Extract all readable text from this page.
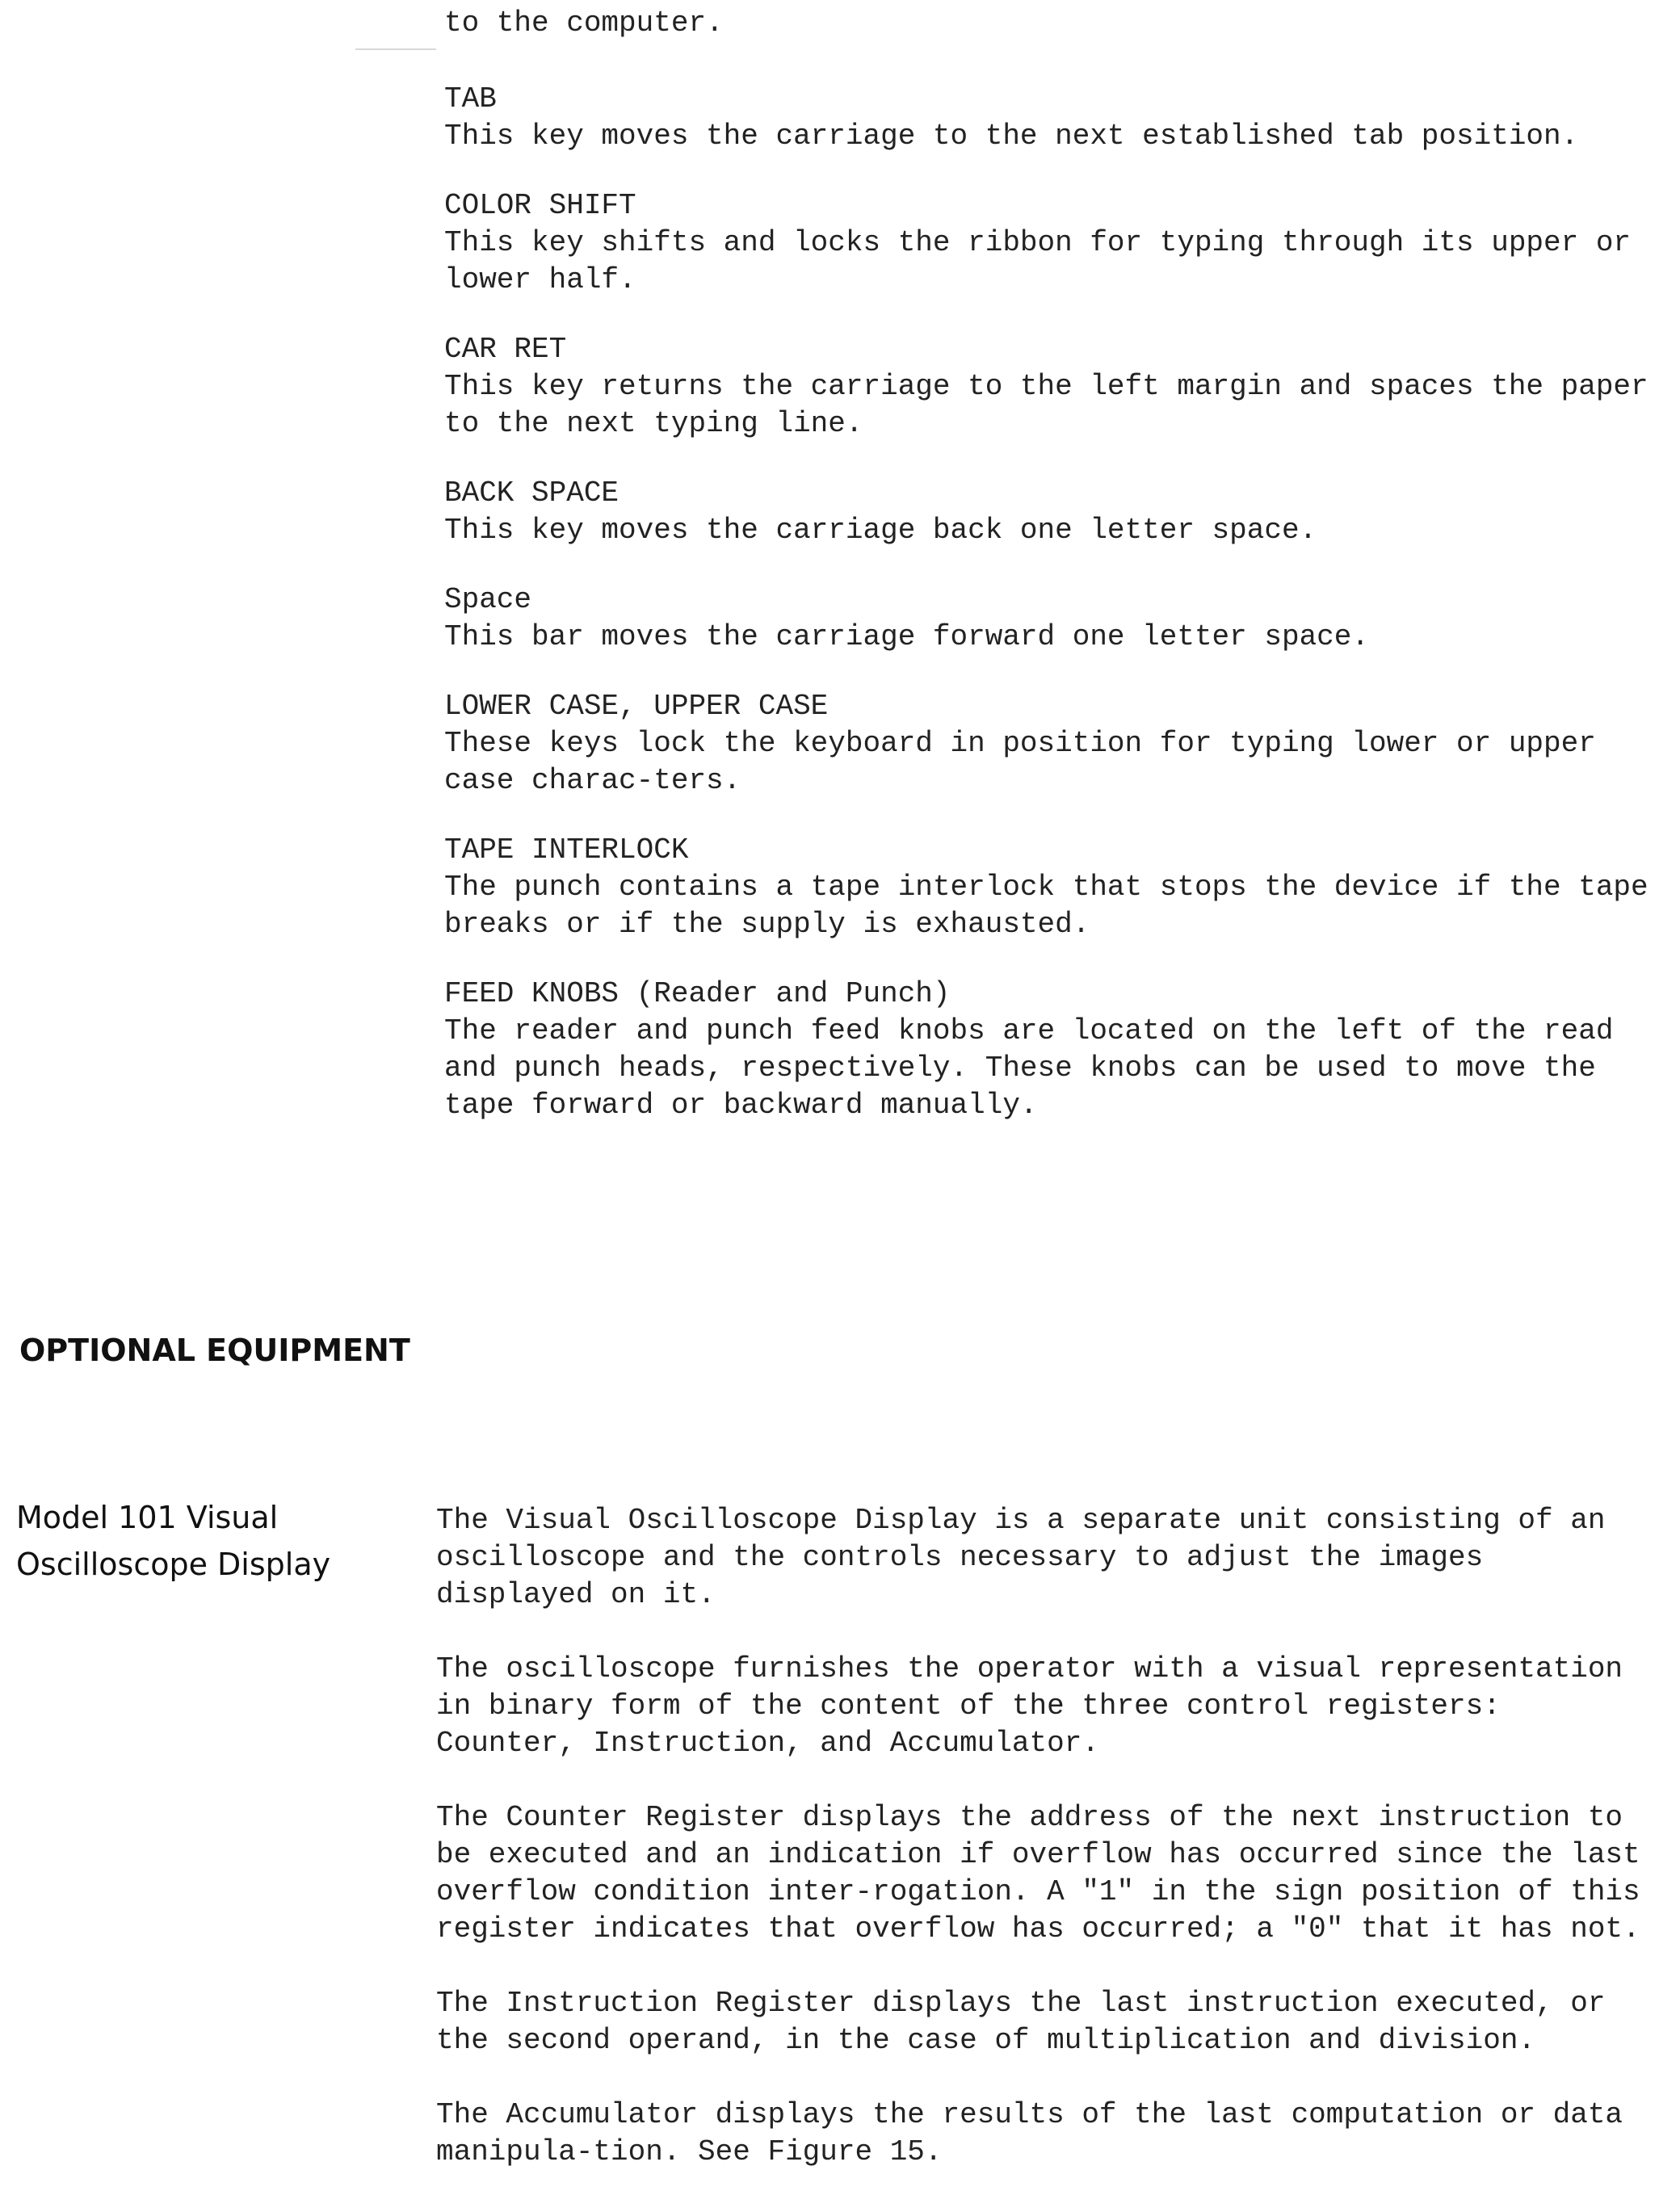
to the computer.

TAB
This key moves the carriage to the next established tab position.
COLOR SHIFT
This key shifts and locks the ribbon for typing through its upper or lower half.
CAR RET
This key returns the carriage to the left margin and spaces the paper to the next typing line.
BACK SPACE
This key moves the carriage back one letter space.
Space
This bar moves the carriage forward one letter space.
LOWER CASE, UPPER CASE
These keys lock the keyboard in position for typing lower or upper case charac-ters.
TAPE INTERLOCK
The punch contains a tape interlock that stops the device if the tape breaks or if the supply is exhausted.
FEED KNOBS (Reader and Punch)
The reader and punch feed knobs are located on the left of the read and punch heads, respectively. These knobs can be used to move the tape forward or backward manually.
OPTIONAL EQUIPMENT
Model 101 Visual
Oscilloscope Display

The Visual Oscilloscope Display is a separate unit consisting of an oscilloscope and the controls necessary to adjust the images displayed on it.

The oscilloscope furnishes the operator with a visual representation in binary form of the content of the three control registers: Counter, Instruction, and Accumulator.

The Counter Register displays the address of the next instruction to be executed and an indication if overflow has occurred since the last overflow condition inter-rogation. A "1" in the sign position of this register indicates that overflow has occurred; a "0" that it has not.

The Instruction Register displays the last instruction executed, or the second operand, in the case of multiplication and division.

The Accumulator displays the results of the last computation or data manipula-tion. See Figure 15.
